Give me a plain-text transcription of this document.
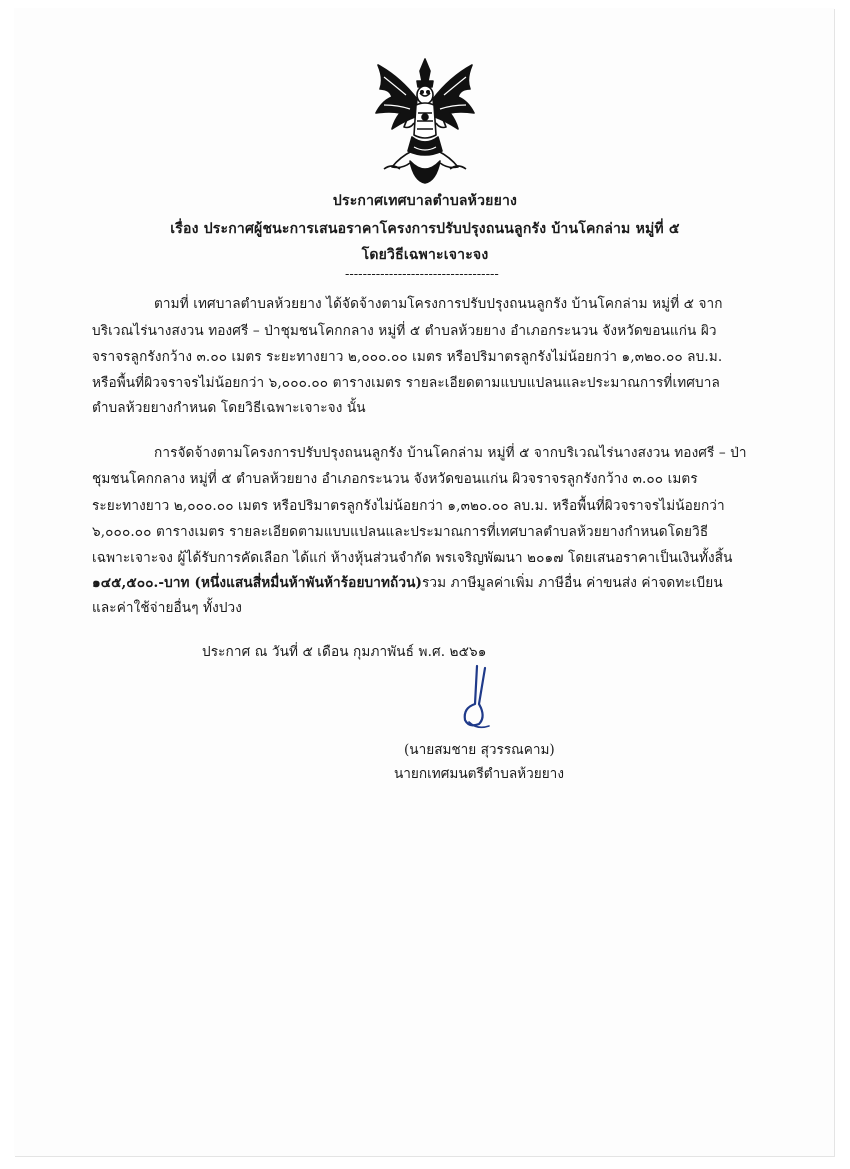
ประกาศเทศบาลตำบลห้วยยาง
เรื่อง ประกาศผู้ชนะการเสนอราคาโครงการปรับปรุงถนนลูกรัง บ้านโคกล่าม หมู่ที่ ๕
โดยวิธีเฉพาะเจาะจง
-----------------------------------
ตามที่ เทศบาลตำบลห้วยยาง ได้จัดจ้างตามโครงการปรับปรุงถนนลูกรัง บ้านโคกล่าม หมู่ที่ ๕ จาก
บริเวณไร่นางสงวน ทองศรี – ป่าชุมชนโคกกลาง หมู่ที่ ๕ ตำบลห้วยยาง อำเภอกระนวน จังหวัดขอนแก่น ผิว
จราจรลูกรังกว้าง ๓.๐๐ เมตร ระยะทางยาว ๒,๐๐๐.๐๐ เมตร หรือปริมาตรลูกรังไม่น้อยกว่า ๑,๓๒๐.๐๐ ลบ.ม.
หรือพื้นที่ผิวจราจรไม่น้อยกว่า ๖,๐๐๐.๐๐ ตารางเมตร รายละเอียดตามแบบแปลนและประมาณการที่เทศบาล
ตำบลห้วยยางกำหนด โดยวิธีเฉพาะเจาะจง นั้น
การจัดจ้างตามโครงการปรับปรุงถนนลูกรัง บ้านโคกล่าม หมู่ที่ ๕ จากบริเวณไร่นางสงวน ทองศรี – ป่า
ชุมชนโคกกลาง หมู่ที่ ๕ ตำบลห้วยยาง อำเภอกระนวน จังหวัดขอนแก่น ผิวจราจรลูกรังกว้าง ๓.๐๐ เมตร
ระยะทางยาว ๒,๐๐๐.๐๐ เมตร หรือปริมาตรลูกรังไม่น้อยกว่า ๑,๓๒๐.๐๐ ลบ.ม. หรือพื้นที่ผิวจราจรไม่น้อยกว่า
๖,๐๐๐.๐๐ ตารางเมตร รายละเอียดตามแบบแปลนและประมาณการที่เทศบาลตำบลห้วยยางกำหนดโดยวิธี
เฉพาะเจาะจง ผู้ได้รับการคัดเลือก ได้แก่ ห้างหุ้นส่วนจำกัด พรเจริญพัฒนา ๒๐๑๗ โดยเสนอราคาเป็นเงินทั้งสิ้น
๑๔๕,๕๐๐.-บาท (หนึ่งแสนสี่หมื่นห้าพันห้าร้อยบาทถ้วน)รวม ภาษีมูลค่าเพิ่ม ภาษีอื่น ค่าขนส่ง ค่าจดทะเบียน
และค่าใช้จ่ายอื่นๆ ทั้งปวง
ประกาศ ณ วันที่ ๕ เดือน กุมภาพันธ์ พ.ศ. ๒๕๖๑
(นายสมชาย สุวรรณคาม)
นายกเทศมนตรีตำบลห้วยยาง
